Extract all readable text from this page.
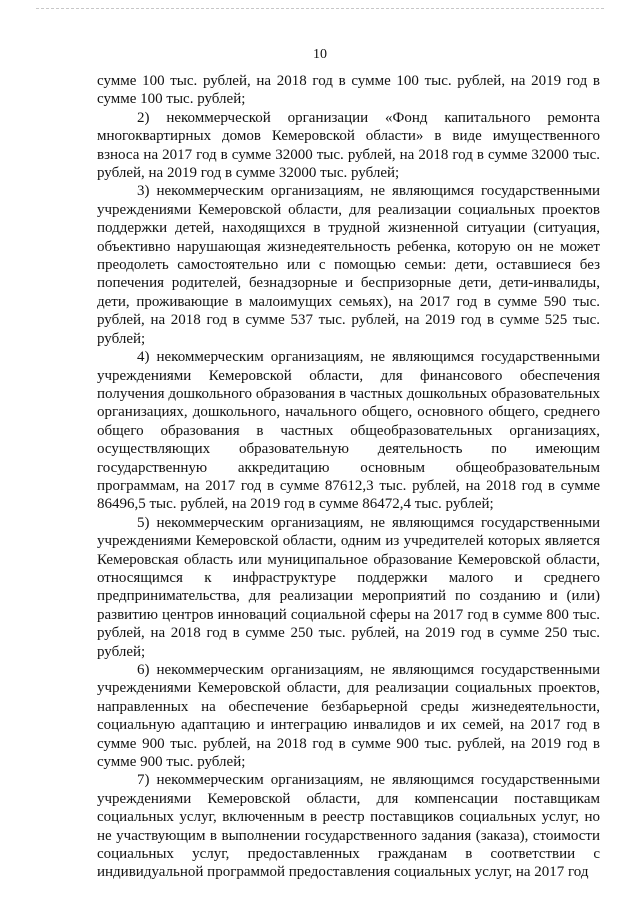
10

сумме 100 тыс. рублей, на 2018 год в сумме 100 тыс. рублей, на 2019 год в сумме 100 тыс. рублей;

2) некоммерческой организации «Фонд капитального ремонта многоквартирных домов Кемеровской области» в виде имущественного взноса на 2017 год в сумме 32000 тыс. рублей, на 2018 год в сумме 32000 тыс. рублей, на 2019 год в сумме 32000 тыс. рублей;

3) некоммерческим организациям, не являющимся государственными учреждениями Кемеровской области, для реализации социальных проектов поддержки детей, находящихся в трудной жизненной ситуации (ситуация, объективно нарушающая жизнедеятельность ребенка, которую он не может преодолеть самостоятельно или с помощью семьи: дети, оставшиеся без попечения родителей, безнадзорные и беспризорные дети, дети-инвалиды, дети, проживающие в малоимущих семьях), на 2017 год в сумме 590 тыс. рублей, на 2018 год в сумме 537 тыс. рублей, на 2019 год в сумме 525 тыс. рублей;

4) некоммерческим организациям, не являющимся государственными учреждениями Кемеровской области, для финансового обеспечения получения дошкольного образования в частных дошкольных образовательных организациях, дошкольного, начального общего, основного общего, среднего общего образования в частных общеобразовательных организациях, осуществляющих образовательную деятельность по имеющим государственную аккредитацию основным общеобразовательным программам, на 2017 год в сумме 87612,3 тыс. рублей, на 2018 год в сумме 86496,5 тыс. рублей, на 2019 год в сумме 86472,4 тыс. рублей;

5) некоммерческим организациям, не являющимся государственными учреждениями Кемеровской области, одним из учредителей которых является Кемеровская область или муниципальное образование Кемеровской области, относящимся к инфраструктуре поддержки малого и среднего предпринимательства, для реализации мероприятий по созданию и (или) развитию центров инноваций социальной сферы на 2017 год в сумме 800 тыс. рублей, на 2018 год в сумме 250 тыс. рублей, на 2019 год в сумме 250 тыс. рублей;

6) некоммерческим организациям, не являющимся государственными учреждениями Кемеровской области, для реализации социальных проектов, направленных на обеспечение безбарьерной среды жизнедеятельности, социальную адаптацию и интеграцию инвалидов и их семей, на 2017 год в сумме 900 тыс. рублей, на 2018 год в сумме 900 тыс. рублей, на 2019 год в сумме 900 тыс. рублей;

7) некоммерческим организациям, не являющимся государственными учреждениями Кемеровской области, для компенсации поставщикам социальных услуг, включенным в реестр поставщиков социальных услуг, но не участвующим в выполнении государственного задания (заказа), стоимости социальных услуг, предоставленных гражданам в соответствии с индивидуальной программой предоставления социальных услуг, на 2017 год
